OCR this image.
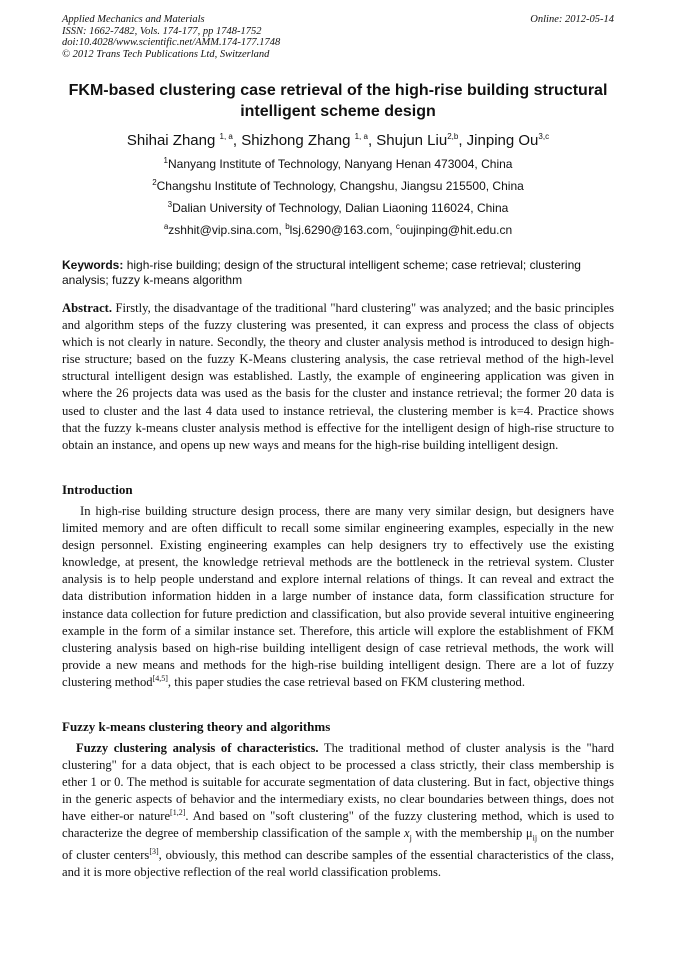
Applied Mechanics and Materials
ISSN: 1662-7482, Vols. 174-177, pp 1748-1752
doi:10.4028/www.scientific.net/AMM.174-177.1748
© 2012 Trans Tech Publications Ltd, Switzerland
Online: 2012-05-14
FKM-based clustering case retrieval of the high-rise building structural intelligent scheme design
Shihai Zhang $^{1, a}$, Shizhong Zhang $^{1, a}$, Shujun Liu$^{2,b}$, Jinping Ou$^{3,c}$
$^1$Nanyang Institute of Technology, Nanyang Henan 473004, China
$^2$Changshu Institute of Technology, Changshu, Jiangsu 215500, China
$^3$Dalian University of Technology, Dalian Liaoning 116024, China
$^a$zshhit@vip.sina.com, $^b$lsj.6290@163.com, $^c$oujinping@hit.edu.cn
Keywords: high-rise building; design of the structural intelligent scheme; case retrieval; clustering analysis; fuzzy k-means algorithm
Abstract. Firstly, the disadvantage of the traditional "hard clustering" was analyzed; and the basic principles and algorithm steps of the fuzzy clustering was presented, it can express and process the class of objects which is not clearly in nature. Secondly, the theory and cluster analysis method is introduced to design high-rise structure; based on the fuzzy K-Means clustering analysis, the case retrieval method of the high-level structural intelligent design was established. Lastly, the example of engineering application was given in where the 26 projects data was used as the basis for the cluster and instance retrieval; the former 20 data is used to cluster and the last 4 data used to instance retrieval, the clustering member is k=4. Practice shows that the fuzzy k-means cluster analysis method is effective for the intelligent design of high-rise structure to obtain an instance, and opens up new ways and means for the high-rise building intelligent design.
Introduction
In high-rise building structure design process, there are many very similar design, but designers have limited memory and are often difficult to recall some similar engineering examples, especially in the new design personnel. Existing engineering examples can help designers try to effectively use the existing knowledge, at present, the knowledge retrieval methods are the bottleneck in the retrieval system. Cluster analysis is to help people understand and explore internal relations of things. It can reveal and extract the data distribution information hidden in a large number of instance data, form classification structure for instance data collection for future prediction and classification, but also provide several intuitive engineering example in the form of a similar instance set. Therefore, this article will explore the establishment of FKM clustering analysis based on high-rise building intelligent design of case retrieval methods, the work will provide a new means and methods for the high-rise building intelligent design. There are a lot of fuzzy clustering method[4,5], this paper studies the case retrieval based on FKM clustering method.
Fuzzy k-means clustering theory and algorithms
Fuzzy clustering analysis of characteristics. The traditional method of cluster analysis is the "hard clustering" for a data object, that is each object to be processed a class strictly, their class membership is ether 1 or 0. The method is suitable for accurate segmentation of data clustering. But in fact, objective things in the generic aspects of behavior and the intermediary exists, no clear boundaries between things, does not have either-or nature[1,2]. And based on "soft clustering" of the fuzzy clustering method, which is used to characterize the degree of membership classification of the sample $x_j$ with the membership $\mu_{ij}$ on the number of cluster centers[3], obviously, this method can describe samples of the essential characteristics of the class, and it is more objective reflection of the real world classification problems.
